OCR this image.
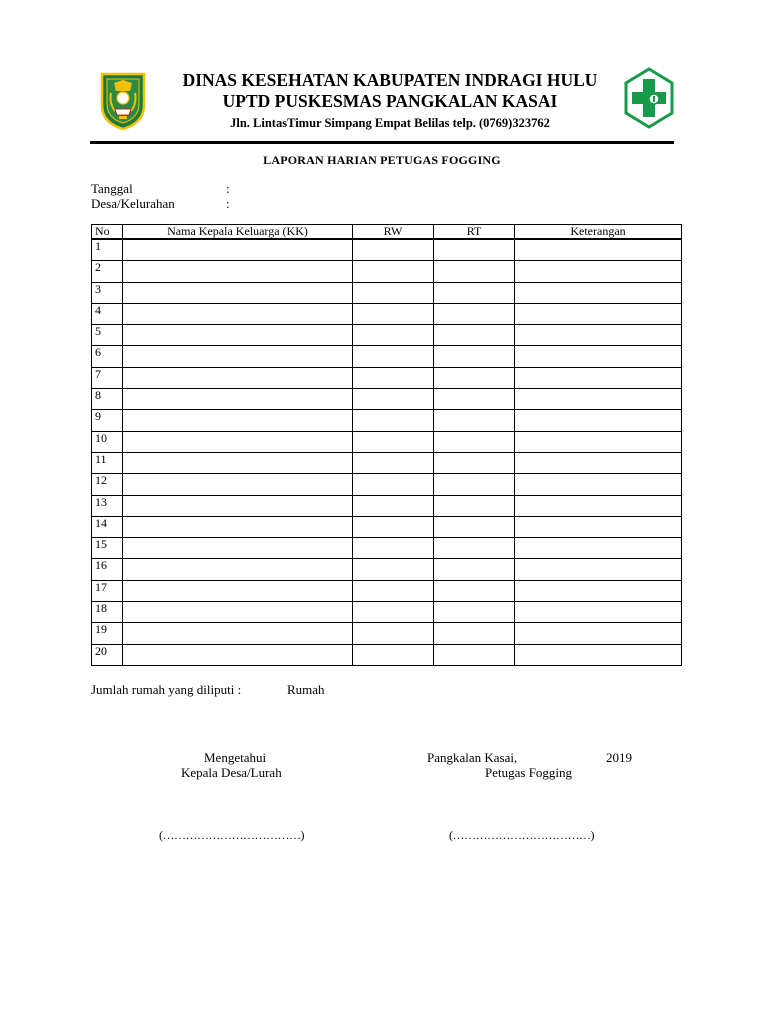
DINAS KESEHATAN KABUPATEN INDRAGI HULU
UPTD PUSKESMAS PANGKALAN KASAI
Jln. LintasTimur Simpang Empat Belilas telp. (0769)323762
LAPORAN HARIAN PETUGAS FOGGING
Tanggal	:
Desa/Kelurahan	:
No	Nama Kepala Keluarga (KK)	RW	RT	Keterangan
1				
2				
3				
4				
5				
6				
7				
8				
9				
10				
11				
12				
13				
14				
15				
16				
17				
18				
19				
20				
Jumlah rumah yang diliputi :	Rumah
Mengetahui
Kepala Desa/Lurah
Pangkalan Kasai,	2019
Petugas Fogging
(………………………………)	(………………………………)
